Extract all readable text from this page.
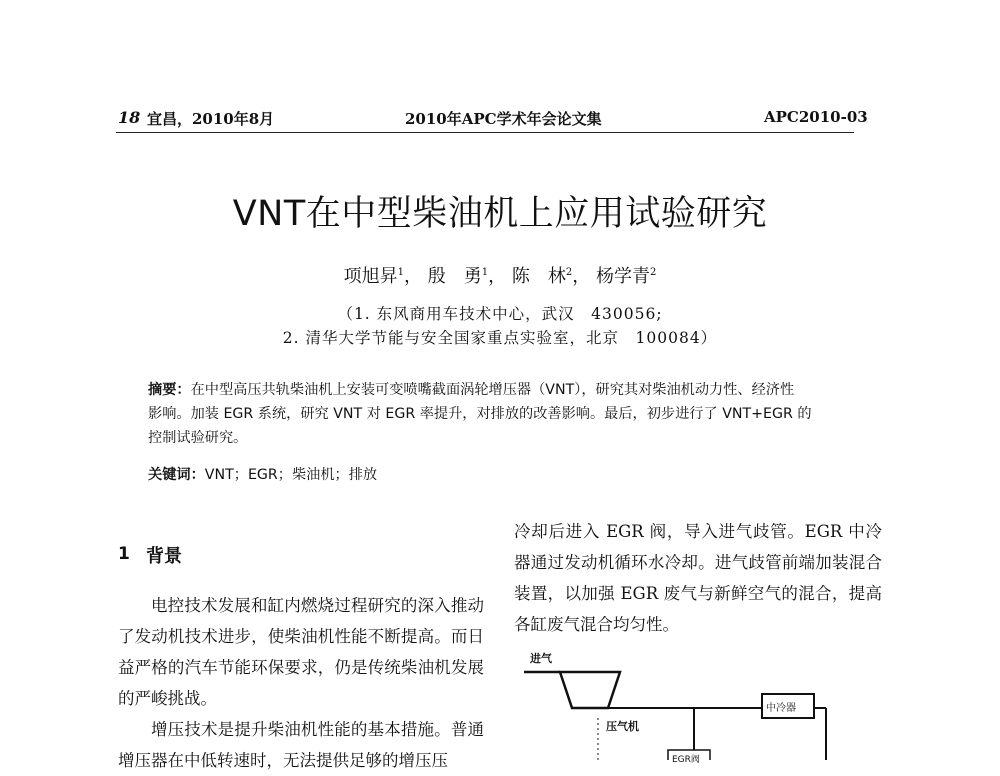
18 宜昌，2010年8月	2010年APC学术年会论文集	APC2010-03
VNT在中型柴油机上应用试验研究
项旭昇$^1$， 殷　勇$^1$， 陈　林$^2$， 杨学青$^2$
（1. 东风商用车技术中心，武汉　430056;
2. 清华大学节能与安全国家重点实验室，北京　100084）
摘要：在中型高压共轨柴油机上安装可变喷嘴截面涡轮增压器（VNT），研究其对柴油机动力性、经济性
影响。加装 EGR 系统，研究 VNT 对 EGR 率提升，对排放的改善影响。最后，初步进行了 VNT+EGR 的
控制试验研究。
关键词：VNT；EGR；柴油机；排放
1 背景
电控技术发展和缸内燃烧过程研究的深入推动了发动机技术进步，使柴油机性能不断提高。而日益严格的汽车节能环保要求，仍是传统柴油机发展的严峻挑战。
增压技术是提升柴油机性能的基本措施。普通增压器在中低转速时，无法提供足够的增压压
冷却后进入 EGR 阀，导入进气歧管。EGR 中冷器通过发动机循环水冷却。进气歧管前端加装混合装置，以加强 EGR 废气与新鲜空气的混合，提高各缸废气混合均匀性。
进气
压气机
中冷器
EGR阀
